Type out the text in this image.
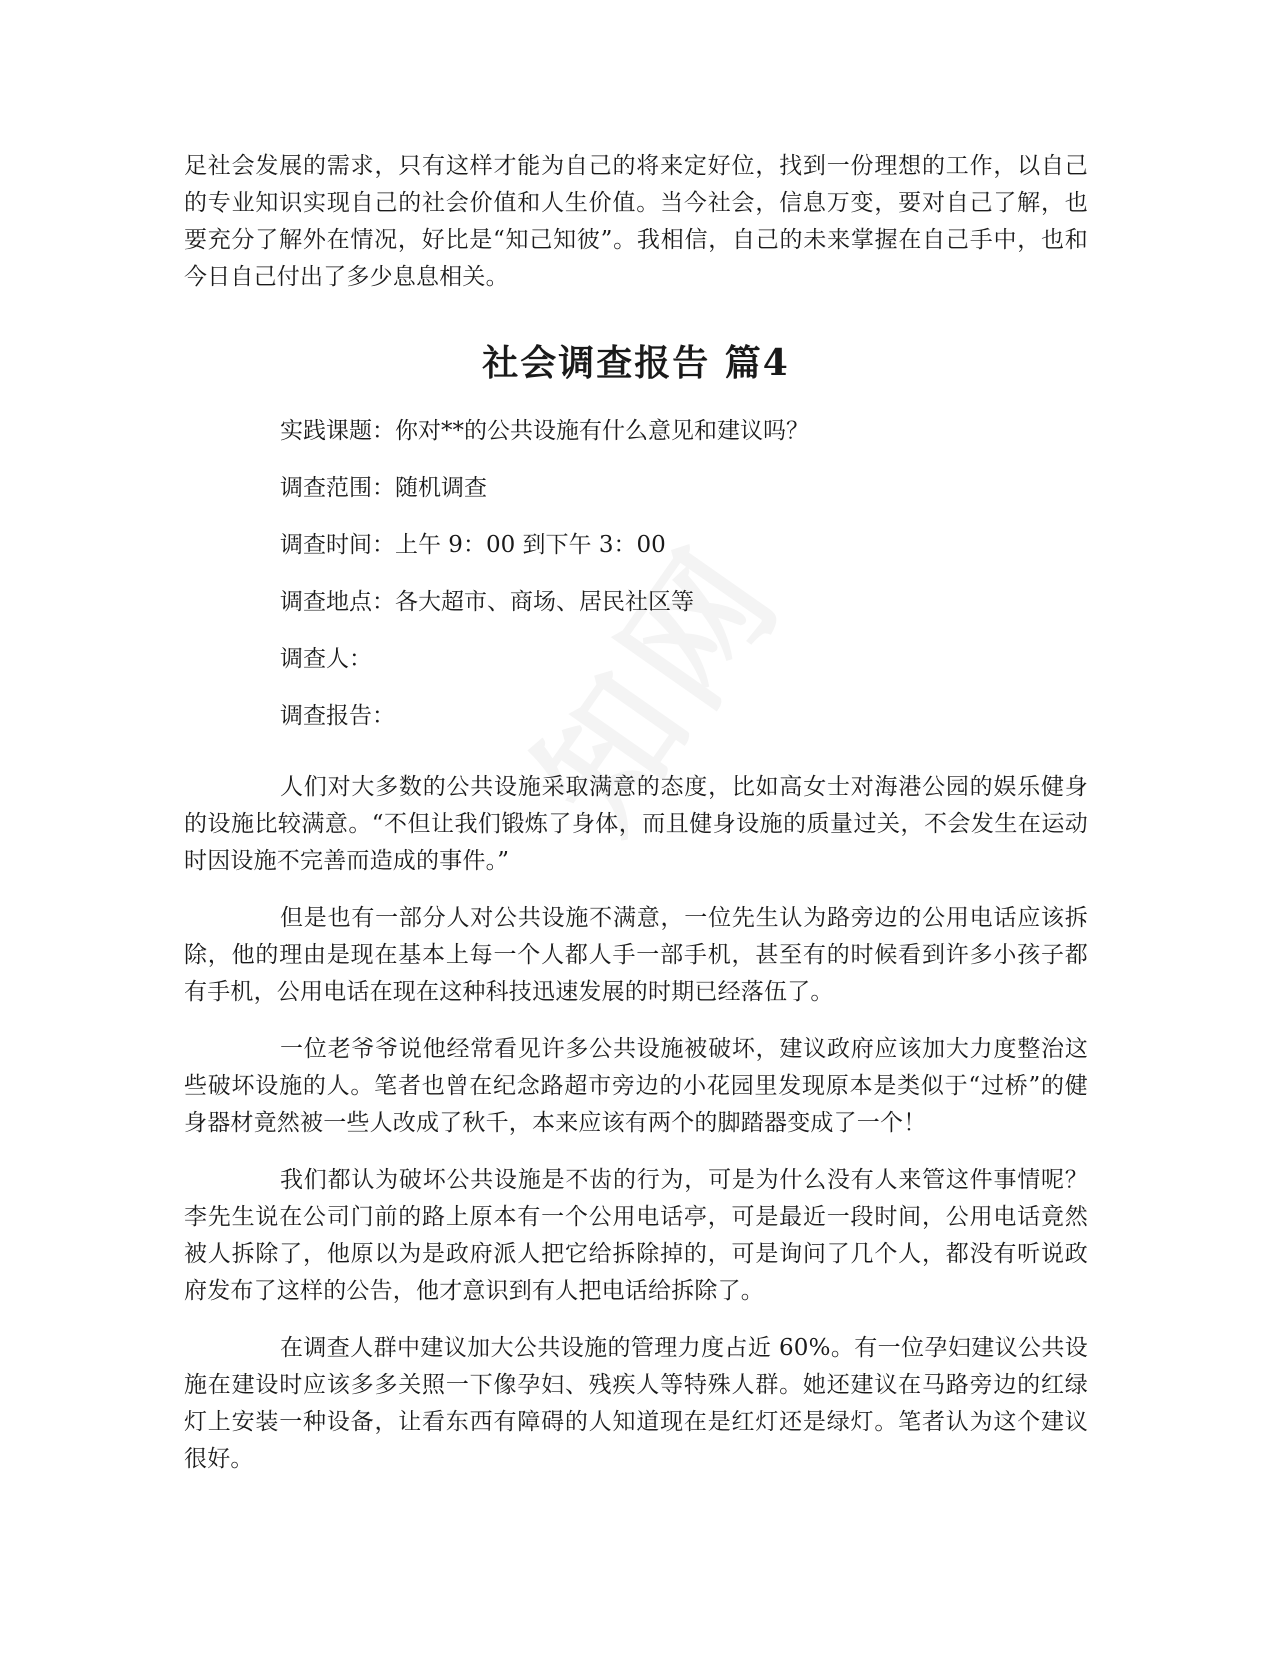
足社会发展的需求，只有这样才能为自己的将来定好位，找到一份理想的工作，以自己的专业知识实现自己的社会价值和人生价值。当今社会，信息万变，要对自己了解，也要充分了解外在情况，好比是“知己知彼”。我相信，自己的未来掌握在自己手中，也和今日自己付出了多少息息相关。

社会调查报告 篇4

实践课题：你对**的公共设施有什么意见和建议吗？

调查范围：随机调查

调查时间：上午 9：00 到下午 3：00

调查地点：各大超市、商场、居民社区等

调查人：

调查报告：

人们对大多数的公共设施采取满意的态度，比如高女士对海港公园的娱乐健身的设施比较满意。“不但让我们锻炼了身体，而且健身设施的质量过关，不会发生在运动时因设施不完善而造成的事件。”

但是也有一部分人对公共设施不满意，一位先生认为路旁边的公用电话应该拆除，他的理由是现在基本上每一个人都人手一部手机，甚至有的时候看到许多小孩子都有手机，公用电话在现在这种科技迅速发展的时期已经落伍了。

一位老爷爷说他经常看见许多公共设施被破坏，建议政府应该加大力度整治这些破坏设施的人。笔者也曾在纪念路超市旁边的小花园里发现原本是类似于“过桥”的健身器材竟然被一些人改成了秋千，本来应该有两个的脚踏器变成了一个！

我们都认为破坏公共设施是不齿的行为，可是为什么没有人来管这件事情呢？李先生说在公司门前的路上原本有一个公用电话亭，可是最近一段时间，公用电话竟然被人拆除了，他原以为是政府派人把它给拆除掉的，可是询问了几个人，都没有听说政府发布了这样的公告，他才意识到有人把电话给拆除了。

在调查人群中建议加大公共设施的管理力度占近 60%。有一位孕妇建议公共设施在建设时应该多多关照一下像孕妇、残疾人等特殊人群。她还建议在马路旁边的红绿灯上安装一种设备，让看东西有障碍的人知道现在是红灯还是绿灯。笔者认为这个建议很好。
